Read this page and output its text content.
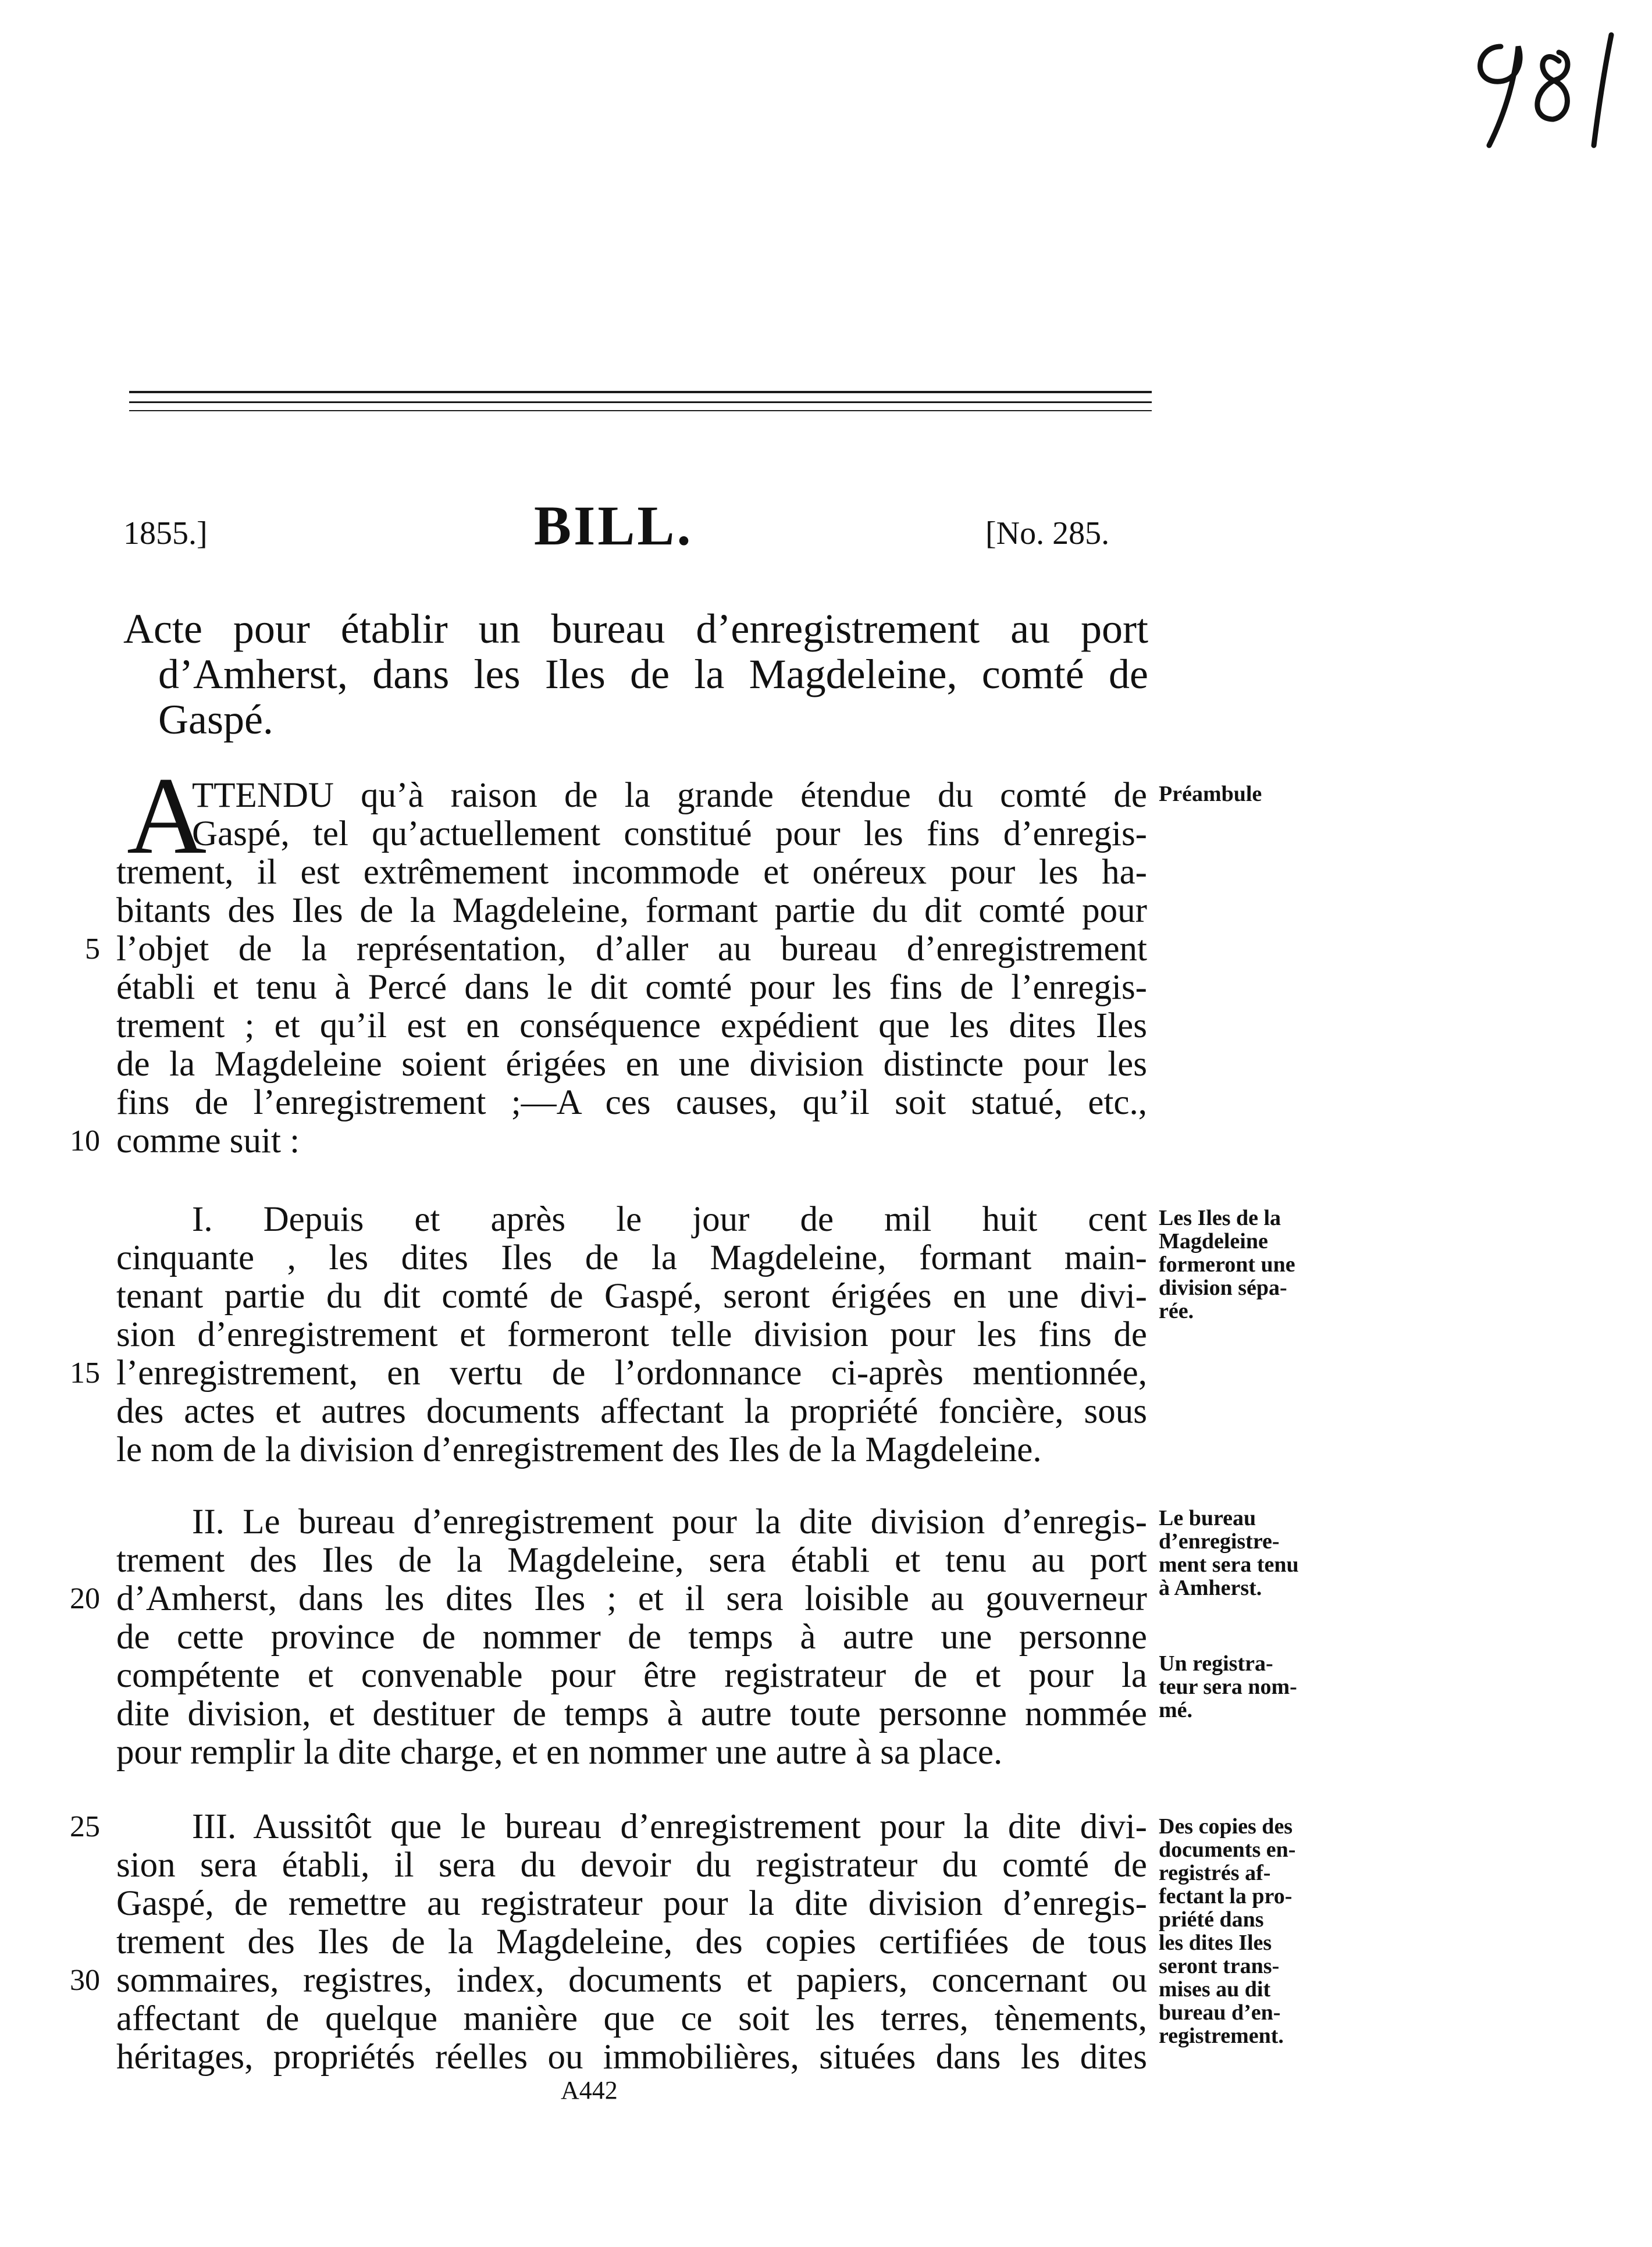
1855.]	BILL.	[No. 285.
Acte pour établir un bureau d’enregistrement au port
d’Amherst, dans les Iles de la Magdeleine, comté de
Gaspé.
A
TTENDU qu’à raison de la grande étendue du comté de
Gaspé, tel qu’actuellement constitué pour les fins d’enregis-
trement, il est extrêmement incommode et onéreux pour les ha-
bitants des Iles de la Magdeleine, formant partie du dit comté pour
l’objet de la représentation, d’aller au bureau d’enregistrement
établi et tenu à Percé dans le dit comté pour les fins de l’enregis-
trement ; et qu’il est en conséquence expédient que les dites Iles
de la Magdeleine soient érigées en une division distincte pour les
fins de l’enregistrement ;—A ces causes, qu’il soit statué, etc.,
comme suit :
Préambule
I. Depuis et après le jour de mil huit cent
cinquante , les dites Iles de la Magdeleine, formant main-
tenant partie du dit comté de Gaspé, seront érigées en une divi-
sion d’enregistrement et formeront telle division pour les fins de
l’enregistrement, en vertu de l’ordonnance ci-après mentionnée,
des actes et autres documents affectant la propriété foncière, sous
le nom de la division d’enregistrement des Iles de la Magdeleine.
Les Iles de la
Magdeleine
formeront une
division sépa-
rée.
II. Le bureau d’enregistrement pour la dite division d’enregis-
trement des Iles de la Magdeleine, sera établi et tenu au port
d’Amherst, dans les dites Iles ; et il sera loisible au gouverneur
de cette province de nommer de temps à autre une personne
compétente et convenable pour être registrateur de et pour la
dite division, et destituer de temps à autre toute personne nommée
pour remplir la dite charge, et en nommer une autre à sa place.
Le bureau
d’enregistre-
ment sera tenu
à Amherst.
Un registra-
teur sera nom-
mé.
III. Aussitôt que le bureau d’enregistrement pour la dite divi-
sion sera établi, il sera du devoir du registrateur du comté de
Gaspé, de remettre au registrateur pour la dite division d’enregis-
trement des Iles de la Magdeleine, des copies certifiées de tous
sommaires, registres, index, documents et papiers, concernant ou
affectant de quelque manière que ce soit les terres, tènements,
héritages, propriétés réelles ou immobilières, situées dans les dites
Des copies des
documents en-
registrés af-
fectant la pro-
priété dans
les dites Iles
seront trans-
mises au dit
bureau d’en-
registrement.
5
10
15
20
25
30
A442
